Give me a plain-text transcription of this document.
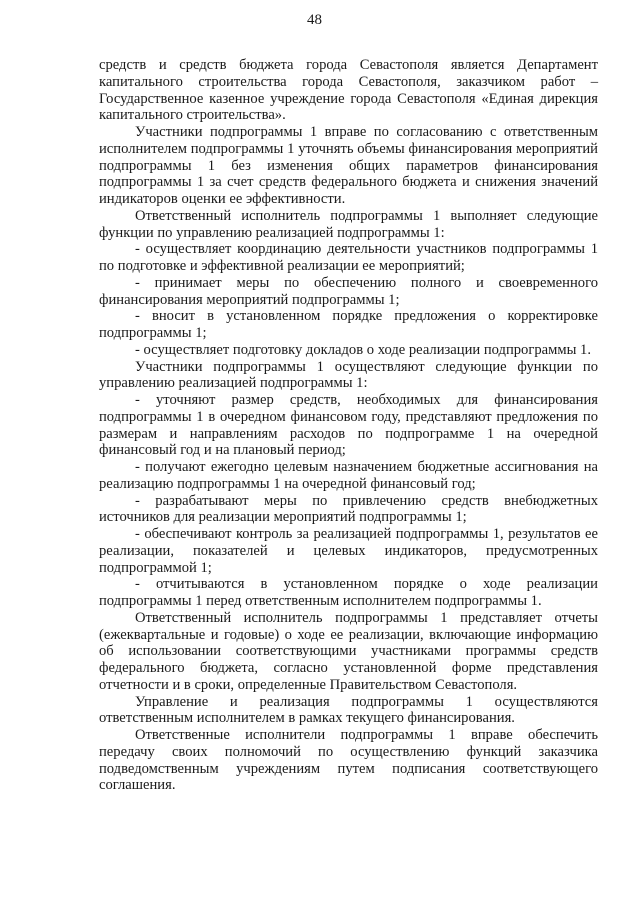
48

средств и средств бюджета города Севастополя является Департамент капитального строительства города Севастополя, заказчиком работ – Государственное казенное учреждение города Севастополя «Единая дирекция капитального строительства».

Участники подпрограммы 1 вправе по согласованию с ответственным исполнителем подпрограммы 1 уточнять объемы финансирования мероприятий подпрограммы 1 без изменения общих параметров финансирования подпрограммы 1 за счет средств федерального бюджета и снижения значений индикаторов оценки ее эффективности.

Ответственный исполнитель подпрограммы 1 выполняет следующие функции по управлению реализацией подпрограммы 1:

- осуществляет координацию деятельности участников подпрограммы 1 по подготовке и эффективной реализации ее мероприятий;

- принимает меры по обеспечению полного и своевременного финансирования мероприятий подпрограммы 1;

- вносит в установленном порядке предложения о корректировке подпрограммы 1;

- осуществляет подготовку докладов о ходе реализации подпрограммы 1.

Участники подпрограммы 1 осуществляют следующие функции по управлению реализацией подпрограммы 1:

- уточняют размер средств, необходимых для финансирования подпрограммы 1 в очередном финансовом году, представляют предложения по размерам и направлениям расходов по подпрограмме 1 на очередной финансовый год и на плановый период;

- получают ежегодно целевым назначением бюджетные ассигнования на реализацию подпрограммы 1 на очередной финансовый год;

- разрабатывают меры по привлечению средств внебюджетных источников для реализации мероприятий подпрограммы 1;

- обеспечивают контроль за реализацией подпрограммы 1, результатов ее реализации, показателей и целевых индикаторов, предусмотренных подпрограммой 1;

- отчитываются в установленном порядке о ходе реализации подпрограммы 1 перед ответственным исполнителем подпрограммы 1.

Ответственный исполнитель подпрограммы 1 представляет отчеты (ежеквартальные и годовые) о ходе ее реализации, включающие информацию об использовании соответствующими участниками программы средств федерального бюджета, согласно установленной форме представления отчетности и в сроки, определенные Правительством Севастополя.

Управление и реализация подпрограммы 1 осуществляются ответственным исполнителем в рамках текущего финансирования.

Ответственные исполнители подпрограммы 1 вправе обеспечить передачу своих полномочий по осуществлению функций заказчика подведомственным учреждениям путем подписания соответствующего соглашения.
